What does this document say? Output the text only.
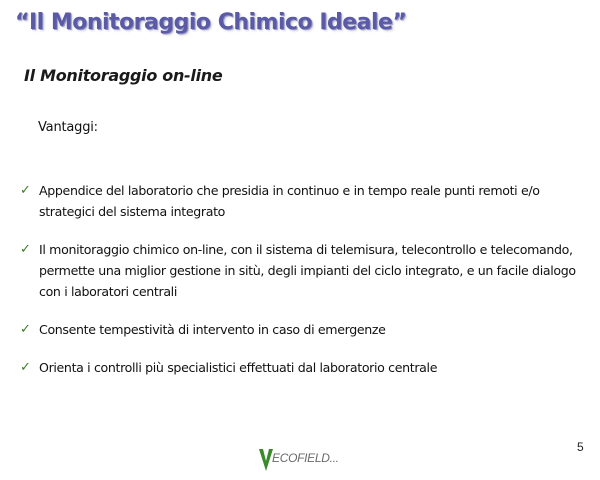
“Il Monitoraggio Chimico Ideale”
Il Monitoraggio on-line
Vantaggi:
✓ Appendice del laboratorio che presidia in continuo e in tempo reale punti remoti e/o strategici del sistema integrato
✓ Il monitoraggio chimico on-line, con il sistema di telemisura, telecontrollo e telecomando, permette una miglior gestione in sitù, degli impianti del ciclo integrato, e un facile dialogo con i laboratori centrali
✓ Consente tempestività di intervento in caso di emergenze
✓ Orienta i controlli più specialistici effettuati dal laboratorio centrale
ECOFIELD...
5
